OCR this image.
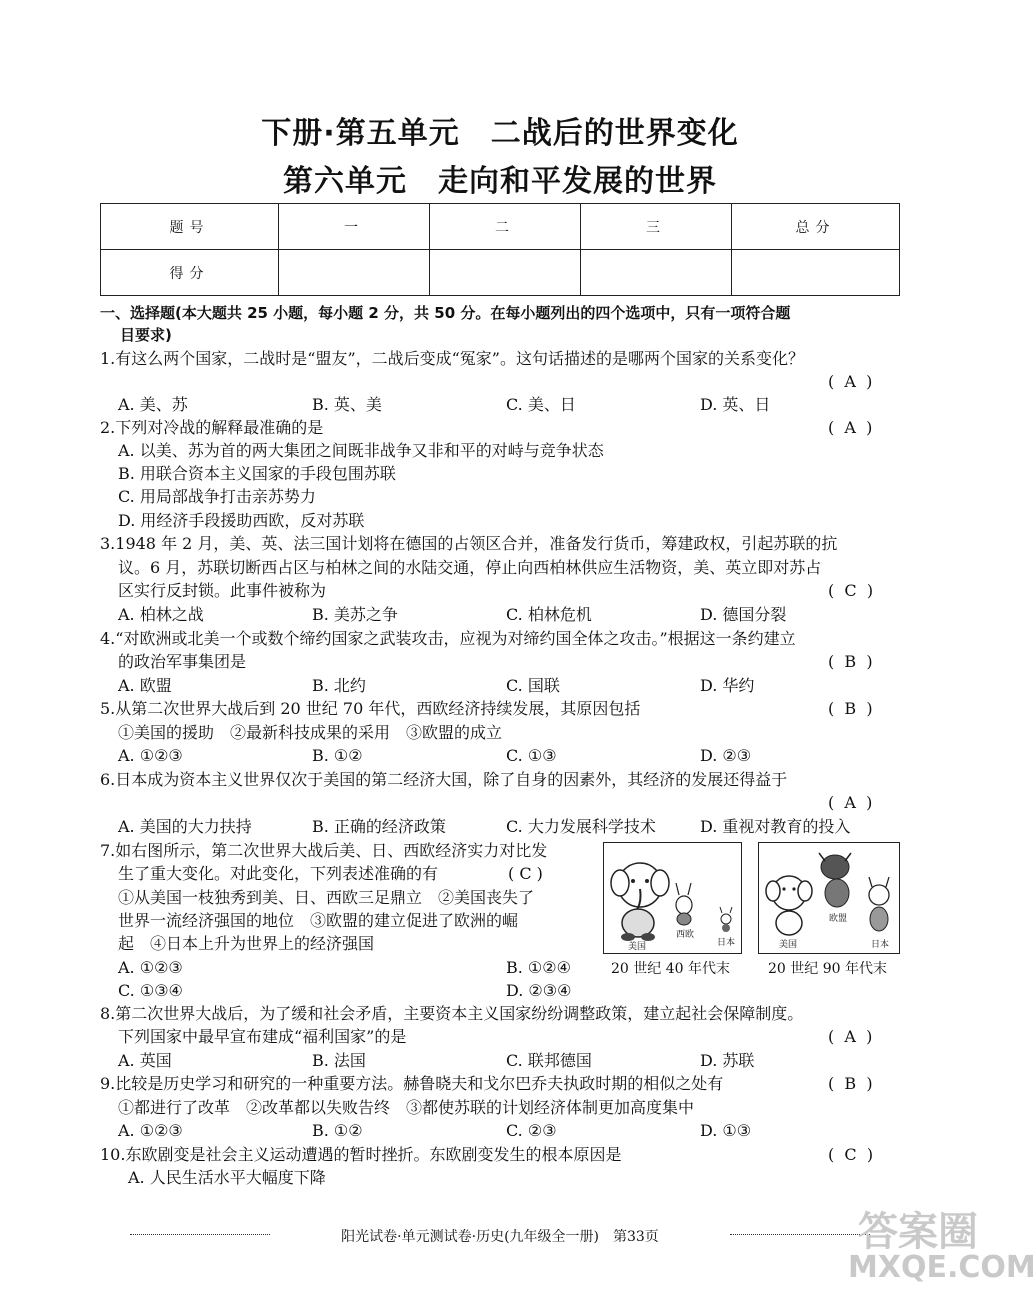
下册·第五单元　二战后的世界变化
第六单元　走向和平发展的世界
题号	一	二	三	总分
得分				
一、选择题(本大题共 25 小题，每小题 2 分，共 50 分。在每小题列出的四个选项中，只有一项符合题
目要求)
1.有这么两个国家，二战时是“盟友”，二战后变成“冤家”。这句话描述的是哪两个国家的关系变化？
(  A  )
A. 美、苏	B. 英、美	C. 美、日	D. 英、日
2.下列对冷战的解释最准确的是	(  A  )
A. 以美、苏为首的两大集团之间既非战争又非和平的对峙与竞争状态
B. 用联合资本主义国家的手段包围苏联
C. 用局部战争打击亲苏势力
D. 用经济手段援助西欧，反对苏联
3.1948 年 2 月，美、英、法三国计划将在德国的占领区合并，准备发行货币，筹建政权，引起苏联的抗
议。6 月，苏联切断西占区与柏林之间的水陆交通，停止向西柏林供应生活物资，美、英立即对苏占
区实行反封锁。此事件被称为	(  C  )
A. 柏林之战	B. 美苏之争	C. 柏林危机	D. 德国分裂
4.“对欧洲或北美一个或数个缔约国家之武装攻击，应视为对缔约国全体之攻击。”根据这一条约建立
的政治军事集团是	(  B  )
A. 欧盟	B. 北约	C. 国联	D. 华约
5.从第二次世界大战后到 20 世纪 70 年代，西欧经济持续发展，其原因包括	(  B  )
①美国的援助　②最新科技成果的采用　③欧盟的成立
A. ①②③	B. ①②	C. ①③	D. ②③
6.日本成为资本主义世界仅次于美国的第二经济大国，除了自身的因素外，其经济的发展还得益于
(  A  )
A. 美国的大力扶持	B. 正确的经济政策	C. 大力发展科学技术	D. 重视对教育的投入
7.如右图所示，第二次世界大战后美、日、西欧经济实力对比发
生了重大变化。对此变化，下列表述准确的有	( C )
①从美国一枝独秀到美、日、西欧三足鼎立　②美国丧失了
世界一流经济强国的地位　③欧盟的建立促进了欧洲的崛
起　④日本上升为世界上的经济强国
A. ①②③	B. ①②④
C. ①③④	D. ②③④
美国
西欧
日本
20 世纪 40 年代末
美国
欧盟
日本
20 世纪 90 年代末
8.第二次世界大战后，为了缓和社会矛盾，主要资本主义国家纷纷调整政策，建立起社会保障制度。
下列国家中最早宣布建成“福利国家”的是	(  A  )
A. 英国	B. 法国	C. 联邦德国	D. 苏联
9.比较是历史学习和研究的一种重要方法。赫鲁晓夫和戈尔巴乔夫执政时期的相似之处有	(  B  )
①都进行了改革　②改革都以失败告终　③都使苏联的计划经济体制更加高度集中
A. ①②③	B. ①②	C. ②③	D. ①③
10.东欧剧变是社会主义运动遭遇的暂时挫折。东欧剧变发生的根本原因是	(  C  )
A. 人民生活水平大幅度下降
阳光试卷·单元测试卷·历史(九年级全一册)　第33页	答案圈
MXQE.COM
